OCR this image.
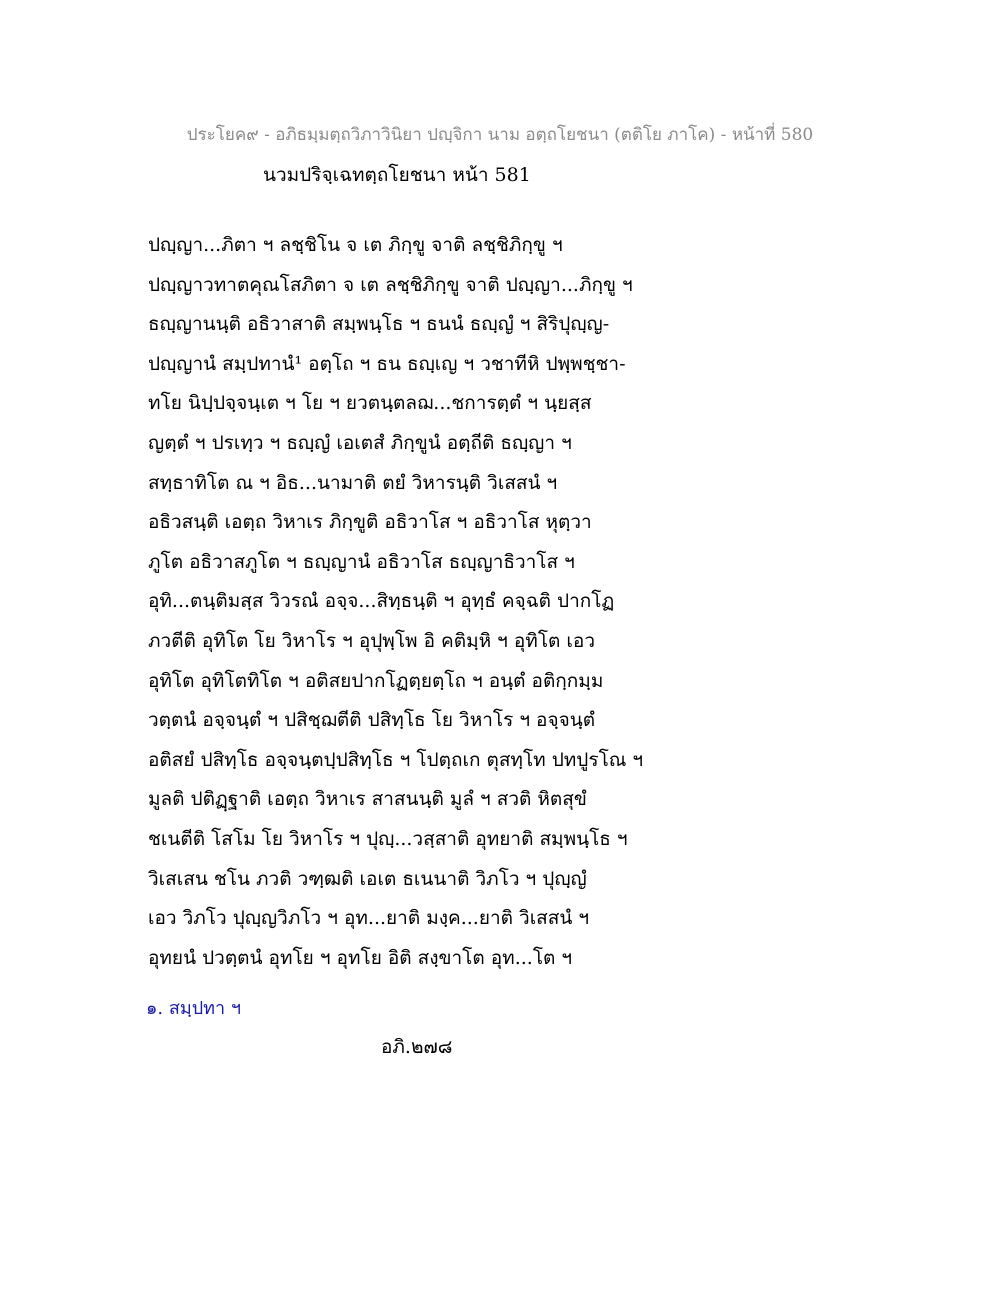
ประโยค๙ - อภิธมฺมตฺถวิภาวินิยา ปญฺจิกา นาม อตฺถโยชนา (ตติโย ภาโค) - หน้าที่ 580
นวมปริจฺเฉทตฺถโยชนา หน้า 581
ปญฺญา...ภิตา ฯ ลชฺชิโน จ เต ภิกฺขู จาติ ลชฺชิภิกฺขู ฯ
ปญฺญาวทาตคุณโสภิตา จ เต ลชฺชิภิกฺขู จาติ ปญฺญา...ภิกฺขู ฯ
ธญฺญานนฺติ อธิวาสาติ สมฺพนฺโธ ฯ ธนนํ ธญฺญํ ฯ สิริปุญฺญ-
ปญฺญานํ สมฺปทานํ¹ อตฺโถ ฯ ธน ธญฺเญ ฯ วชาทีหิ ปพฺพชฺชา-
ทโย นิปฺปจฺจนฺเต ฯ โย ฯ ยวตนฺตลฌ...ชการตฺตํ ฯ นฺยสฺส
ญตฺตํ ฯ ปรเทฺว ฯ ธญฺญํ เอเตสํ ภิกฺขูนํ อตฺถีติ ธญฺญา ฯ
สทฺธาทิโต ณ ฯ อิธ...นามาติ ตยํ วิหารนฺติ วิเสสนํ ฯ
อธิวสนฺติ เอตฺถ วิหาเร ภิกฺขูติ อธิวาโส ฯ อธิวาโส หุตฺวา
ภูโต อธิวาสภูโต ฯ ธญฺญานํ อธิวาโส ธญฺญาธิวาโส ฯ
อุทิ...ตนฺติมสฺส วิวรณํ อจฺจ...สิทฺธนฺติ ฯ อุทฺธํ คจฺฉติ ปากโฏ
ภวตีติ อุทิโต โย วิหาโร ฯ อุปุพฺโพ อิ คติมฺหิ ฯ อุทิโต เอว
อุทิโต อุทิโตทิโต ฯ อติสยปากโฏตฺยตฺโถ ฯ อนฺตํ อติกฺกมฺม
วตฺตนํ อจฺจนฺตํ ฯ ปสิชฺฌตีติ ปสิทฺโธ โย วิหาโร ฯ อจฺจนฺตํ
อติสยํ ปสิทฺโธ อจฺจนฺตปฺปสิทฺโธ ฯ โปตฺถเก ตุสทฺโท ปทปูรโณ ฯ
มูลติ ปติฏฺฐาติ เอตฺถ วิหาเร สาสนนฺติ มูลํ ฯ สวติ หิตสุขํ
ชเนตีติ โสโม โย วิหาโร ฯ ปุญฺ...วสฺสาติ อุทยาติ สมฺพนฺโธ ฯ
วิเสเสน ชโน ภวติ วฑฺฒติ เอเต ธเนนาติ วิภโว ฯ ปุญฺญํ
เอว วิภโว ปุญฺญวิภโว ฯ อุท...ยาติ มงฺค...ยาติ วิเสสนํ ฯ
อุทยนํ ปวตฺตนํ อุทโย ฯ อุทโย อิติ สงฺขาโต อุท...โต ฯ
๑. สมฺปทา ฯ
อภิ.๒๗๘
